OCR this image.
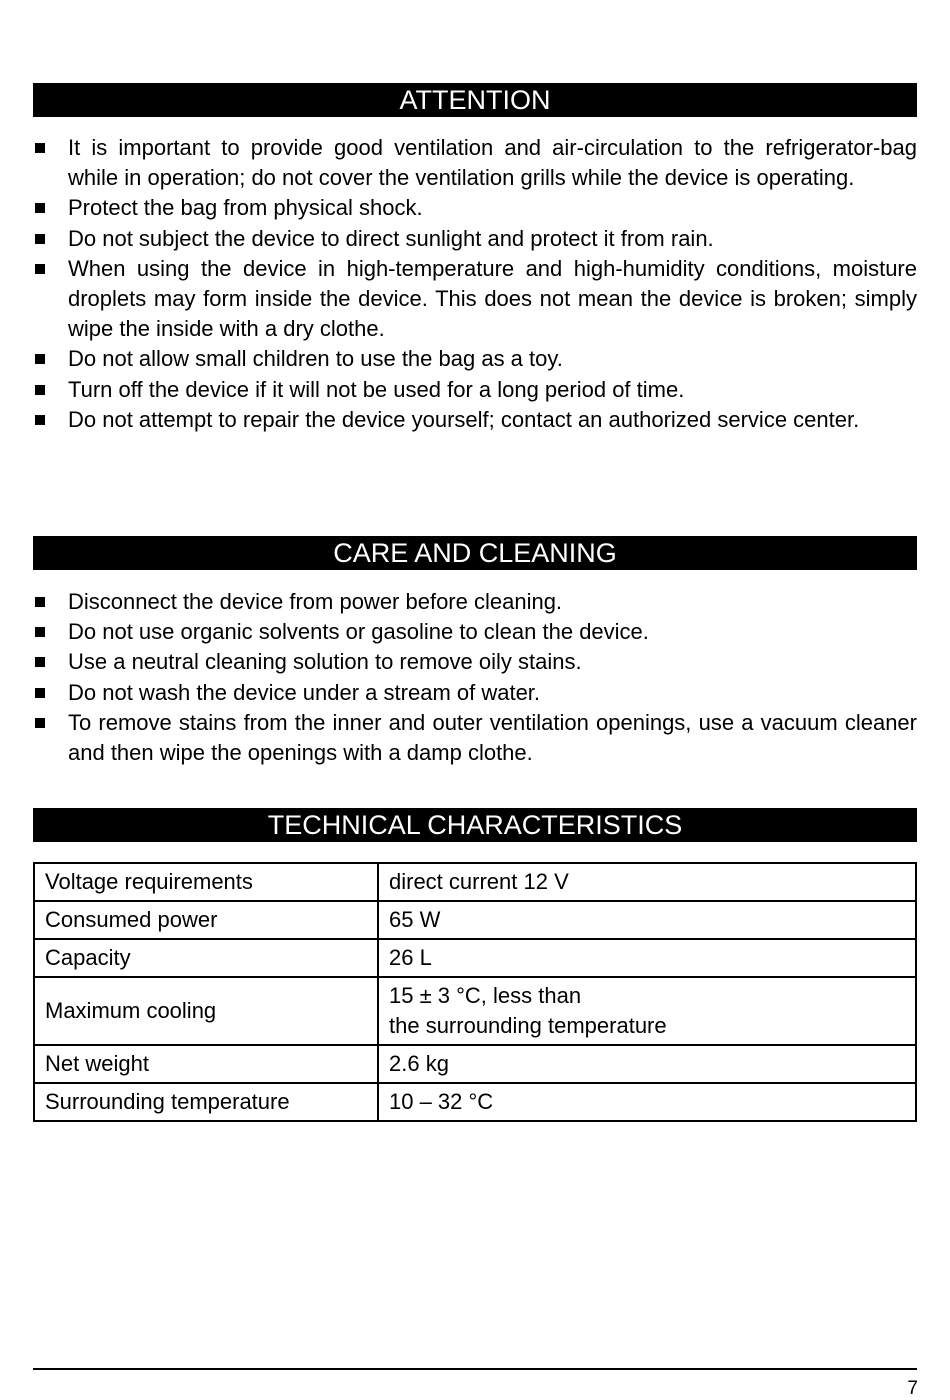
ATTENTION
It is important to provide good ventilation and air-circulation to the refrigerator-bag while in operation; do not cover the ventilation grills while the device is operating.
Protect the bag from physical shock.
Do not subject the device to direct sunlight and protect it from rain.
When using the device in high-temperature and high-humidity conditions, moisture droplets may form inside the device. This does not mean the device is broken; simply wipe the inside with a dry clothe.
Do not allow small children to use the bag as a toy.
Turn off the device if it will not be used for a long period of time.
Do not attempt to repair the device yourself; contact an authorized service center.
CARE AND CLEANING
Disconnect the device from power before cleaning.
Do not use organic solvents or gasoline to clean the device.
Use a neutral cleaning solution to remove oily stains.
Do not wash the device under a stream of water.
To remove stains from the inner and outer ventilation openings, use a vacuum cleaner and then wipe the openings with a damp clothe.
TECHNICAL CHARACTERISTICS
Voltage requirements	direct current 12 V
Consumed power	65 W
Capacity	26 L
Maximum cooling	15 ± 3 °C, less than
the surrounding temperature

Net weight	2.6 kg
Surrounding temperature	10 – 32 °C
7
